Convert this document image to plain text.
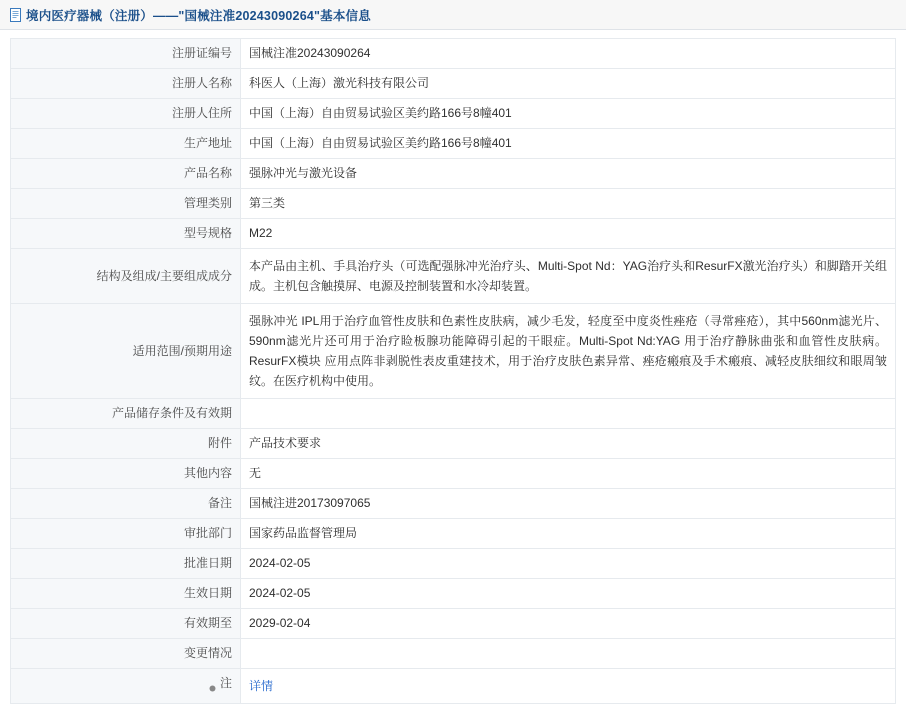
境内医疗器械（注册）——"国械注准20243090264"基本信息
注册证编号	国械注准20243090264
注册人名称	科医人（上海）激光科技有限公司
注册人住所	中国（上海）自由贸易试验区美约路166号8幢401
生产地址	中国（上海）自由贸易试验区美约路166号8幢401
产品名称	强脉冲光与激光设备
管理类别	第三类
型号规格	M22
结构及组成/主要组成成分	本产品由主机、手具治疗头（可选配强脉冲光治疗头、Multi-Spot Nd：YAG治疗头和ResurFX激光治疗头）和脚踏开关组成。主机包含触摸屏、电源及控制装置和水冷却装置。
适用范围/预期用途	强脉冲光 IPL用于治疗血管性皮肤和色素性皮肤病，减少毛发，轻度至中度炎性痤疮（寻常痤疮），其中560nm滤光片、590nm滤光片还可用于治疗睑板腺功能障碍引起的干眼症。Multi-Spot Nd:YAG 用于治疗静脉曲张和血管性皮肤病。ResurFX模块 应用点阵非剥脱性表皮重建技术，用于治疗皮肤色素异常、痤疮瘢痕及手术瘢痕、减轻皮肤细纹和眼周皱纹。在医疗机构中使用。
产品储存条件及有效期	
附件	产品技术要求
其他内容	无
备注	国械注进20173097065
审批部门	国家药品监督管理局
批准日期	2024-02-05
生效日期	2024-02-05
有效期至	2029-02-04
变更情况	

注	详情
